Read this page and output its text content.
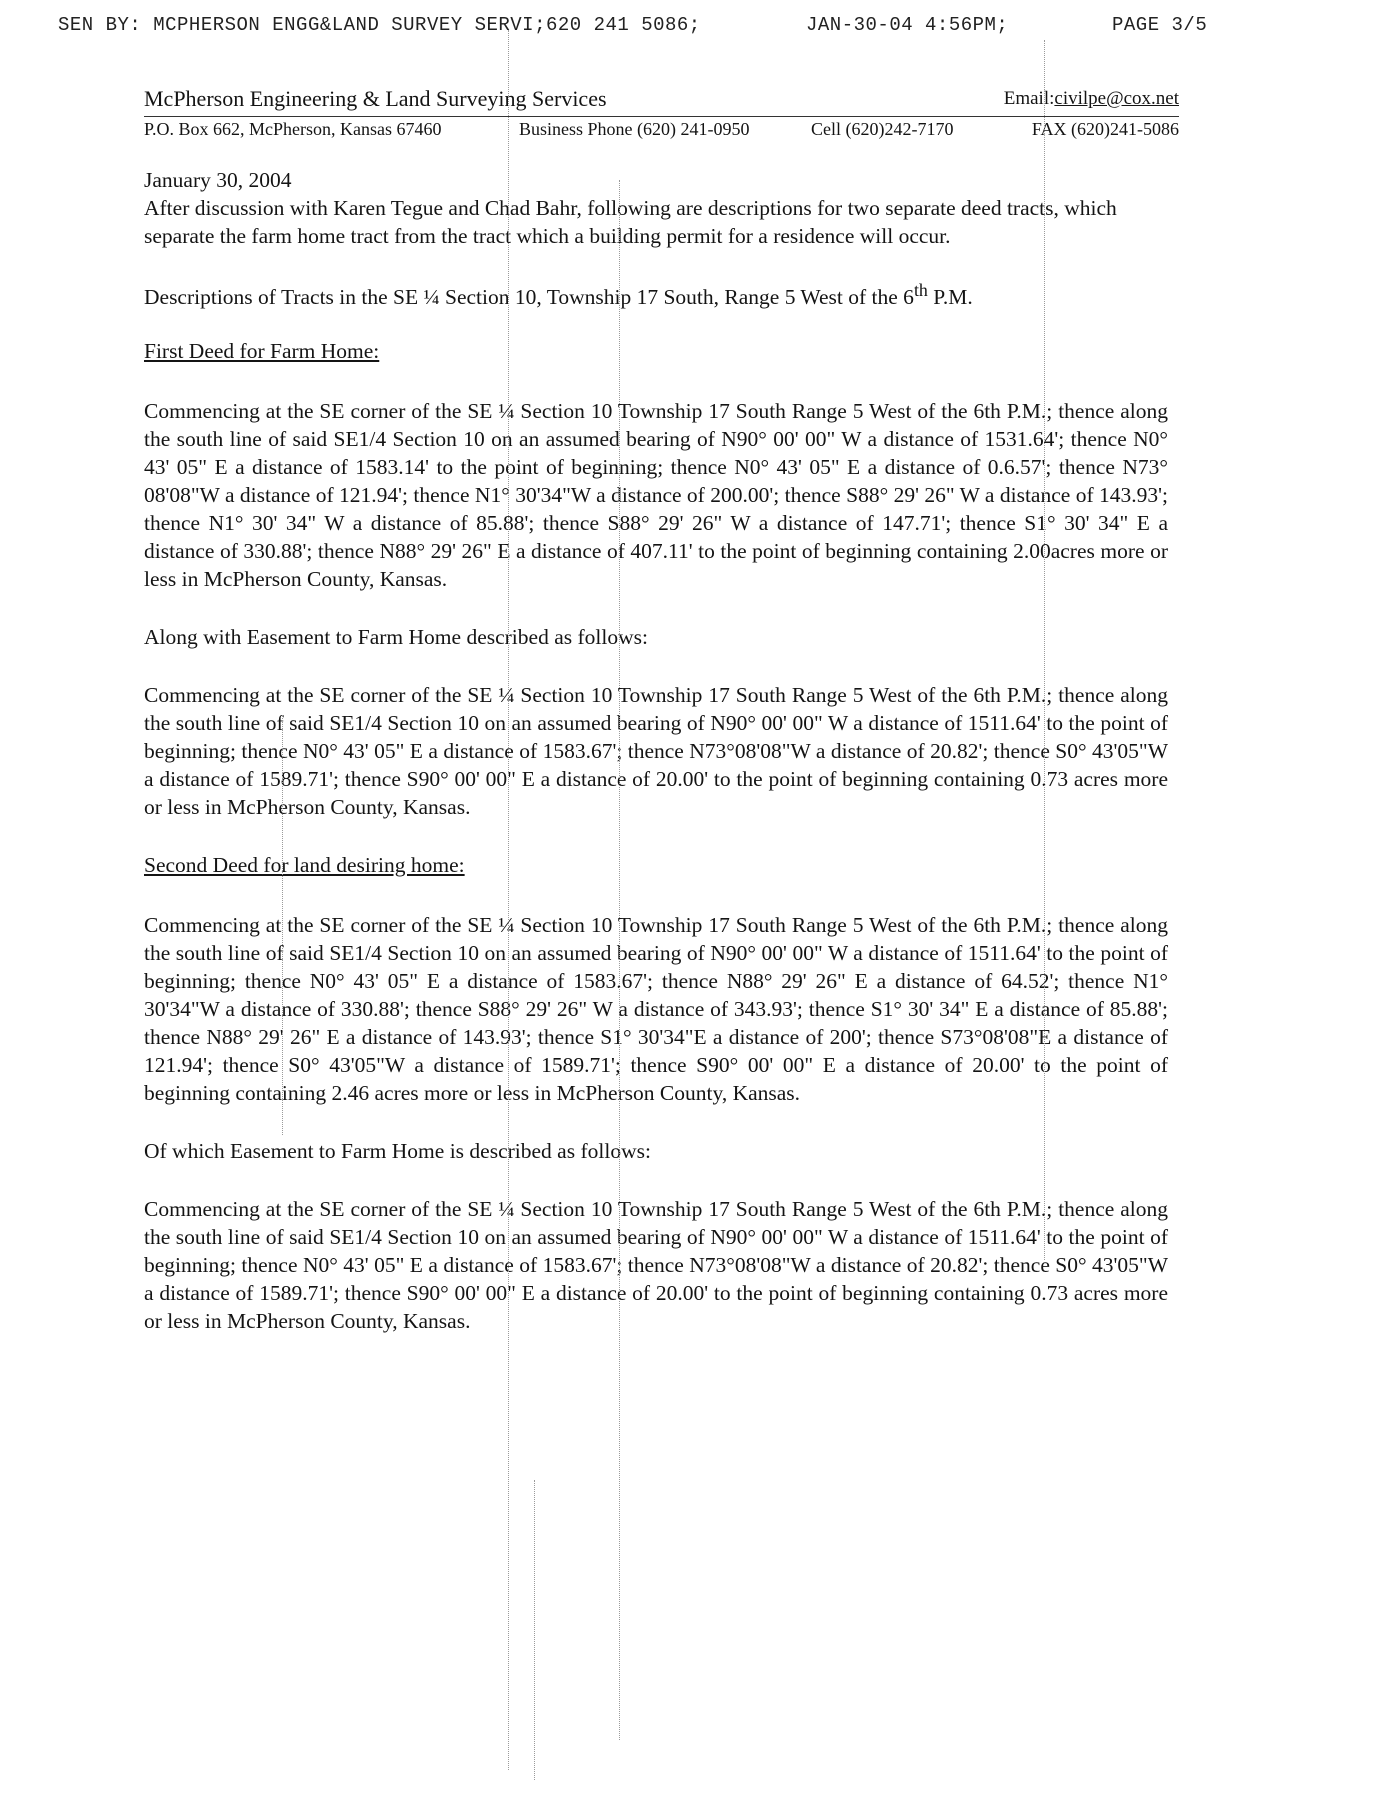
SEN BY: MCPHERSON ENGG&LAND SURVEY SERVI;620 241 5086;	JAN-30-04 4:56PM;	PAGE 3/5
McPherson Engineering & Land Surveying Services	Email:civilpe@cox.net
P.O. Box 662, McPherson, Kansas 67460	Business Phone (620) 241-0950	Cell (620)242-7170	FAX (620)241-5086

January 30, 2004

After discussion with Karen Tegue and Chad Bahr, following are descriptions for two separate deed tracts, which separate the farm home tract from the tract which a building permit for a residence will occur.

Descriptions of Tracts in the SE ¼ Section 10, Township 17 South, Range 5 West of the 6th P.M.

First Deed for Farm Home:

Commencing at the SE corner of the SE ¼ Section 10 Township 17 South Range 5 West of the 6th P.M.; thence along the south line of said SE1/4 Section 10 on an assumed bearing of N90° 00' 00" W a distance of 1531.64'; thence N0° 43' 05" E a distance of 1583.14' to the point of beginning; thence N0° 43' 05" E a distance of 0.6.57'; thence N73° 08'08"W a distance of 121.94'; thence N1° 30'34"W a distance of 200.00'; thence S88° 29' 26" W a distance of 143.93'; thence N1° 30' 34" W a distance of 85.88'; thence S88° 29' 26" W a distance of 147.71'; thence S1° 30' 34" E a distance of 330.88'; thence N88° 29' 26" E a distance of 407.11' to the point of beginning containing 2.00acres more or less in McPherson County, Kansas.

Along with Easement to Farm Home described as follows:

Commencing at the SE corner of the SE ¼ Section 10 Township 17 South Range 5 West of the 6th P.M.; thence along the south line of said SE1/4 Section 10 on an assumed bearing of N90° 00' 00" W a distance of 1511.64' to the point of beginning; thence N0° 43' 05" E a distance of 1583.67'; thence N73°08'08"W a distance of 20.82'; thence S0° 43'05"W a distance of 1589.71'; thence S90° 00' 00" E a distance of 20.00' to the point of beginning containing 0.73 acres more or less in McPherson County, Kansas.

Second Deed for land desiring home:

Commencing at the SE corner of the SE ¼ Section 10 Township 17 South Range 5 West of the 6th P.M.; thence along the south line of said SE1/4 Section 10 on an assumed bearing of N90° 00' 00" W a distance of 1511.64' to the point of beginning; thence N0° 43' 05" E a distance of 1583.67'; thence N88° 29' 26" E a distance of 64.52'; thence N1° 30'34"W a distance of 330.88'; thence S88° 29' 26" W a distance of 343.93'; thence S1° 30' 34" E a distance of 85.88'; thence N88° 29' 26" E a distance of 143.93'; thence S1° 30'34"E a distance of 200'; thence S73°08'08"E a distance of 121.94'; thence S0° 43'05"W a distance of 1589.71'; thence S90° 00' 00" E a distance of 20.00' to the point of beginning containing 2.46 acres more or less in McPherson County, Kansas.

Of which Easement to Farm Home is described as follows:

Commencing at the SE corner of the SE ¼ Section 10 Township 17 South Range 5 West of the 6th P.M.; thence along the south line of said SE1/4 Section 10 on an assumed bearing of N90° 00' 00" W a distance of 1511.64' to the point of beginning; thence N0° 43' 05" E a distance of 1583.67'; thence N73°08'08"W a distance of 20.82'; thence S0° 43'05"W a distance of 1589.71'; thence S90° 00' 00" E a distance of 20.00' to the point of beginning containing 0.73 acres more or less in McPherson County, Kansas.
